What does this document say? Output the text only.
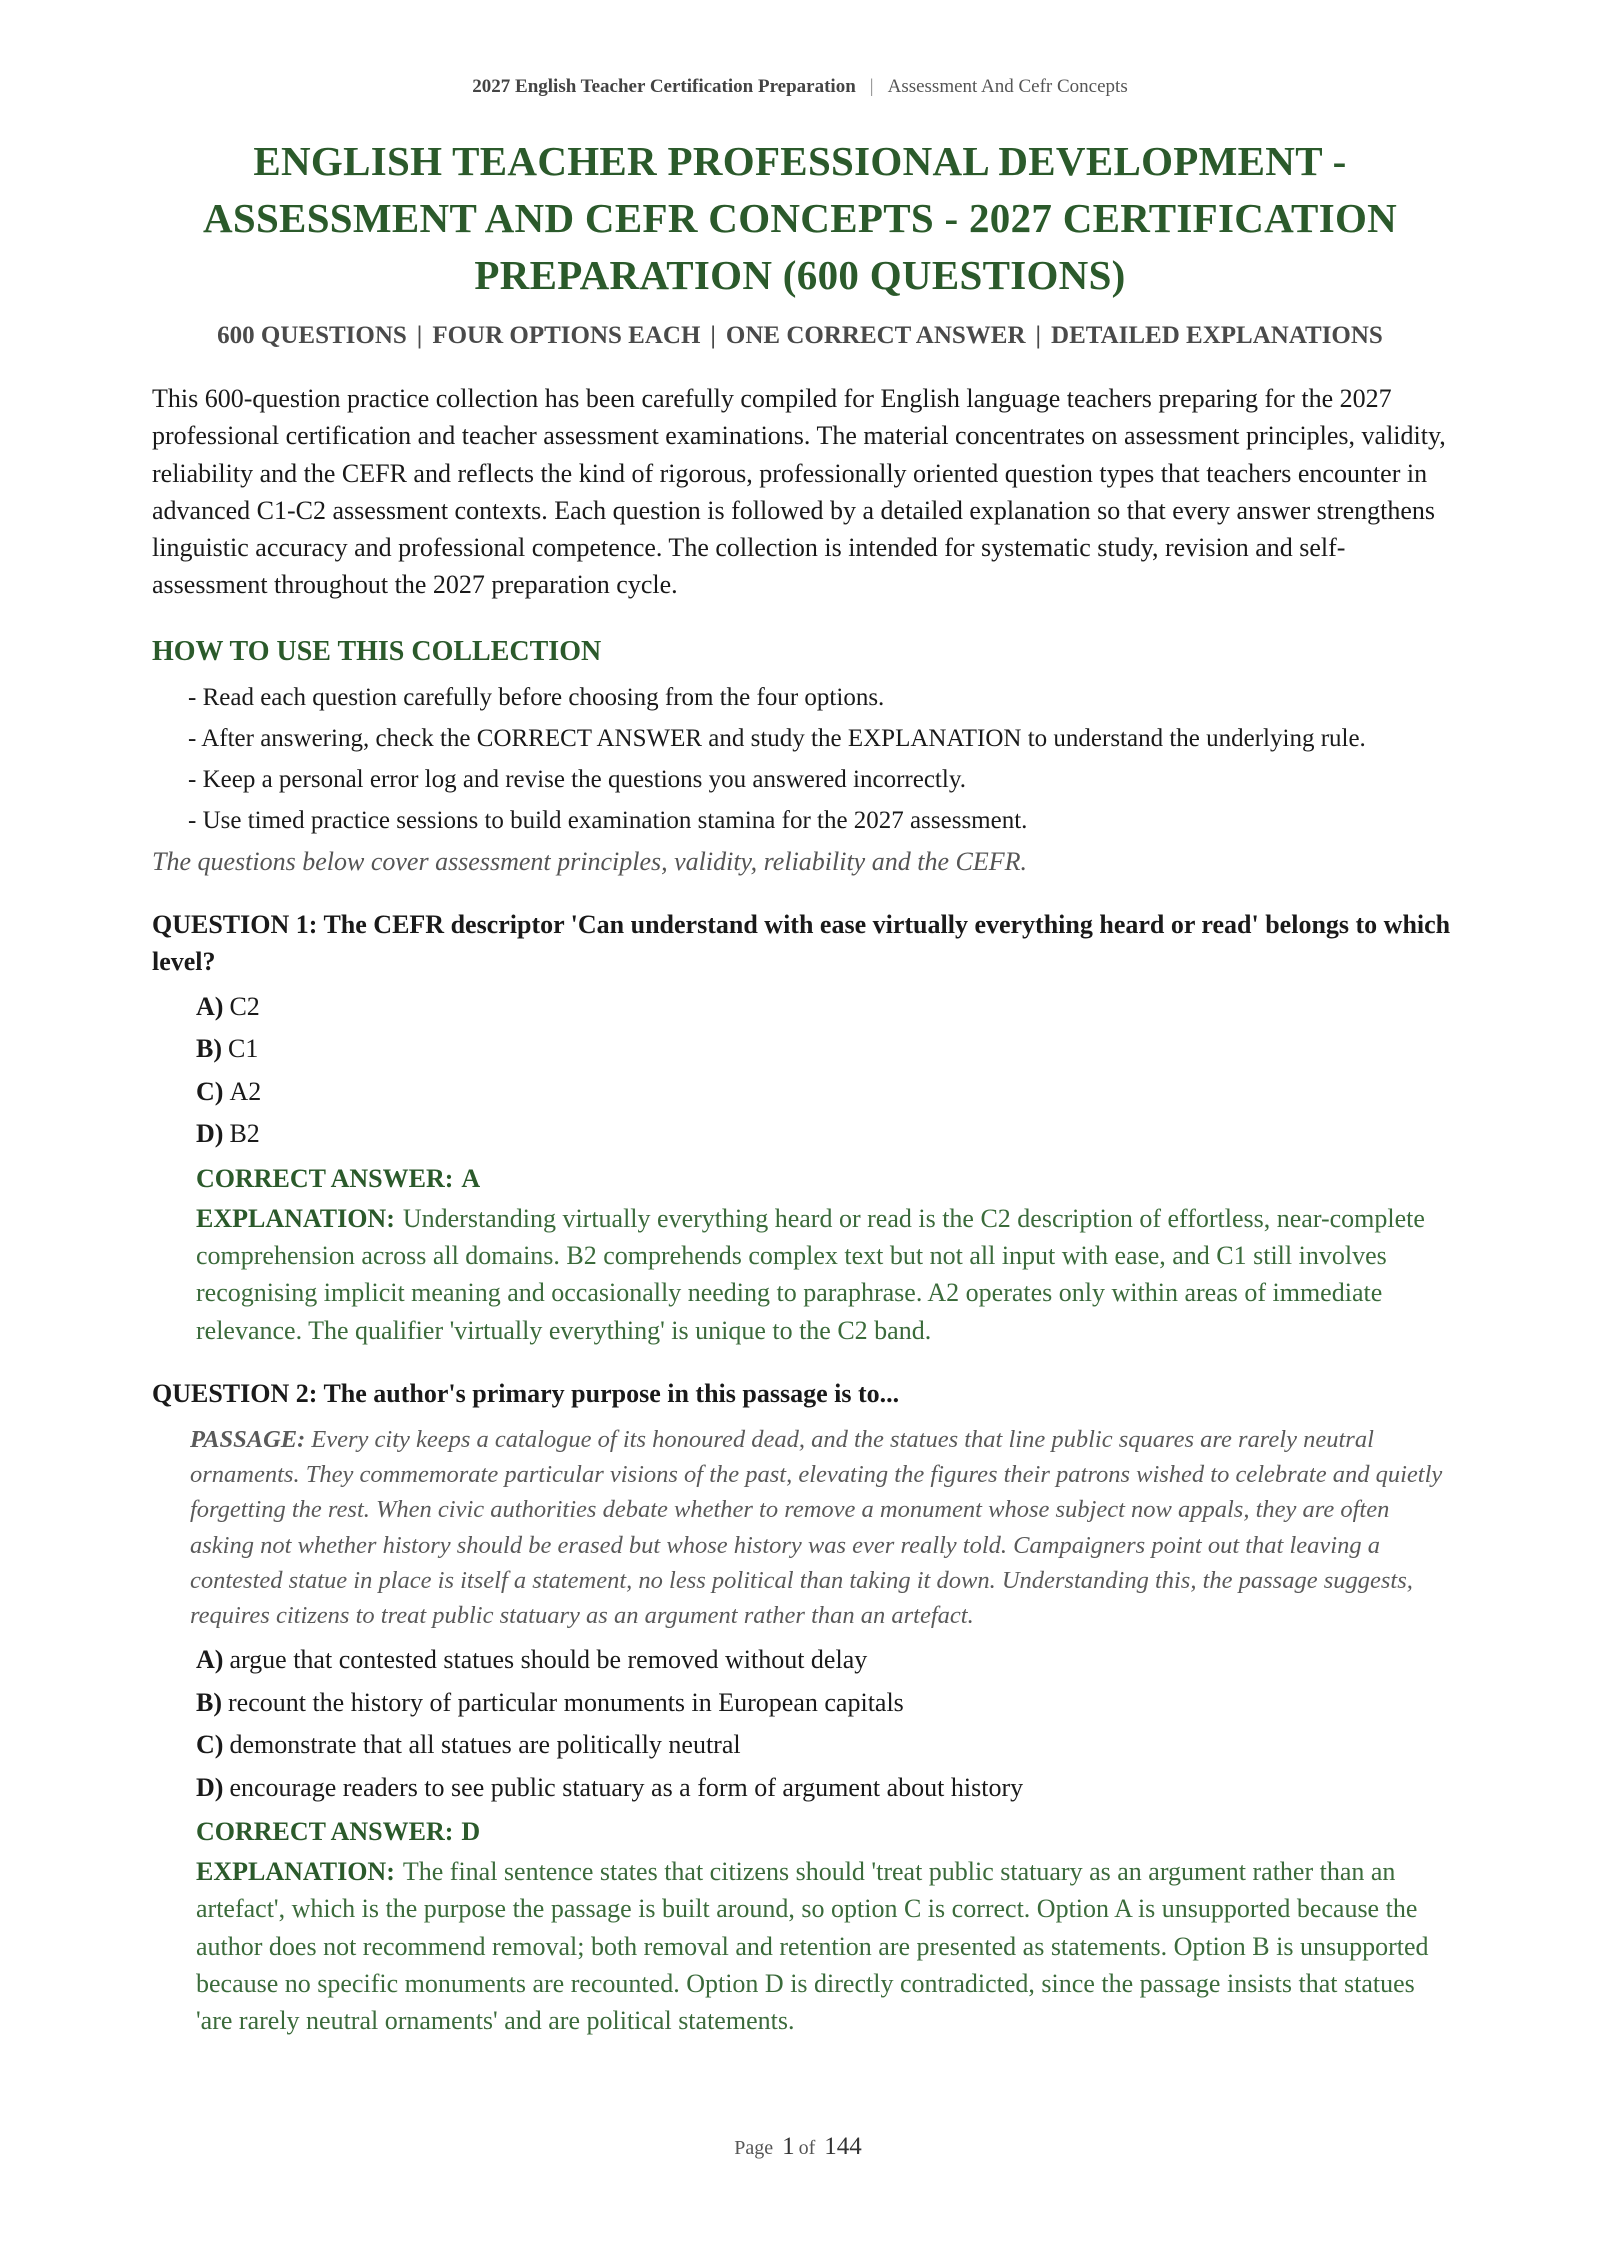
2027 English Teacher Certification Preparation | Assessment And Cefr Concepts
ENGLISH TEACHER PROFESSIONAL DEVELOPMENT - ASSESSMENT AND CEFR CONCEPTS - 2027 CERTIFICATION PREPARATION (600 QUESTIONS)
600 QUESTIONS | FOUR OPTIONS EACH | ONE CORRECT ANSWER | DETAILED EXPLANATIONS

This 600-question practice collection has been carefully compiled for English language teachers preparing for the 2027 professional certification and teacher assessment examinations. The material concentrates on assessment principles, validity, reliability and the CEFR and reflects the kind of rigorous, professionally oriented question types that teachers encounter in advanced C1-C2 assessment contexts. Each question is followed by a detailed explanation so that every answer strengthens linguistic accuracy and professional competence. The collection is intended for systematic study, revision and self-assessment throughout the 2027 preparation cycle.

HOW TO USE THIS COLLECTION
- Read each question carefully before choosing from the four options.
- After answering, check the CORRECT ANSWER and study the EXPLANATION to understand the underlying rule.
- Keep a personal error log and revise the questions you answered incorrectly.
- Use timed practice sessions to build examination stamina for the 2027 assessment.

The questions below cover assessment principles, validity, reliability and the CEFR.

QUESTION 1: The CEFR descriptor 'Can understand with ease virtually everything heard or read' belongs to which level?

A) C2
B) C1
C) A2
D) B2
CORRECT ANSWER: A

EXPLANATION: Understanding virtually everything heard or read is the C2 description of effortless, near-complete comprehension across all domains. B2 comprehends complex text but not all input with ease, and C1 still involves recognising implicit meaning and occasionally needing to paraphrase. A2 operates only within areas of immediate relevance. The qualifier 'virtually everything' is unique to the C2 band.

QUESTION 2: The author's primary purpose in this passage is to...

PASSAGE: Every city keeps a catalogue of its honoured dead, and the statues that line public squares are rarely neutral ornaments. They commemorate particular visions of the past, elevating the figures their patrons wished to celebrate and quietly forgetting the rest. When civic authorities debate whether to remove a monument whose subject now appals, they are often asking not whether history should be erased but whose history was ever really told. Campaigners point out that leaving a contested statue in place is itself a statement, no less political than taking it down. Understanding this, the passage suggests, requires citizens to treat public statuary as an argument rather than an artefact.

A) argue that contested statues should be removed without delay
B) recount the history of particular monuments in European capitals
C) demonstrate that all statues are politically neutral
D) encourage readers to see public statuary as a form of argument about history
CORRECT ANSWER: D

EXPLANATION: The final sentence states that citizens should 'treat public statuary as an argument rather than an artefact', which is the purpose the passage is built around, so option C is correct. Option A is unsupported because the author does not recommend removal; both removal and retention are presented as statements. Option B is unsupported because no specific monuments are recounted. Option D is directly contradicted, since the passage insists that statues 'are rarely neutral ornaments' and are political statements.

Page 1 of 144
